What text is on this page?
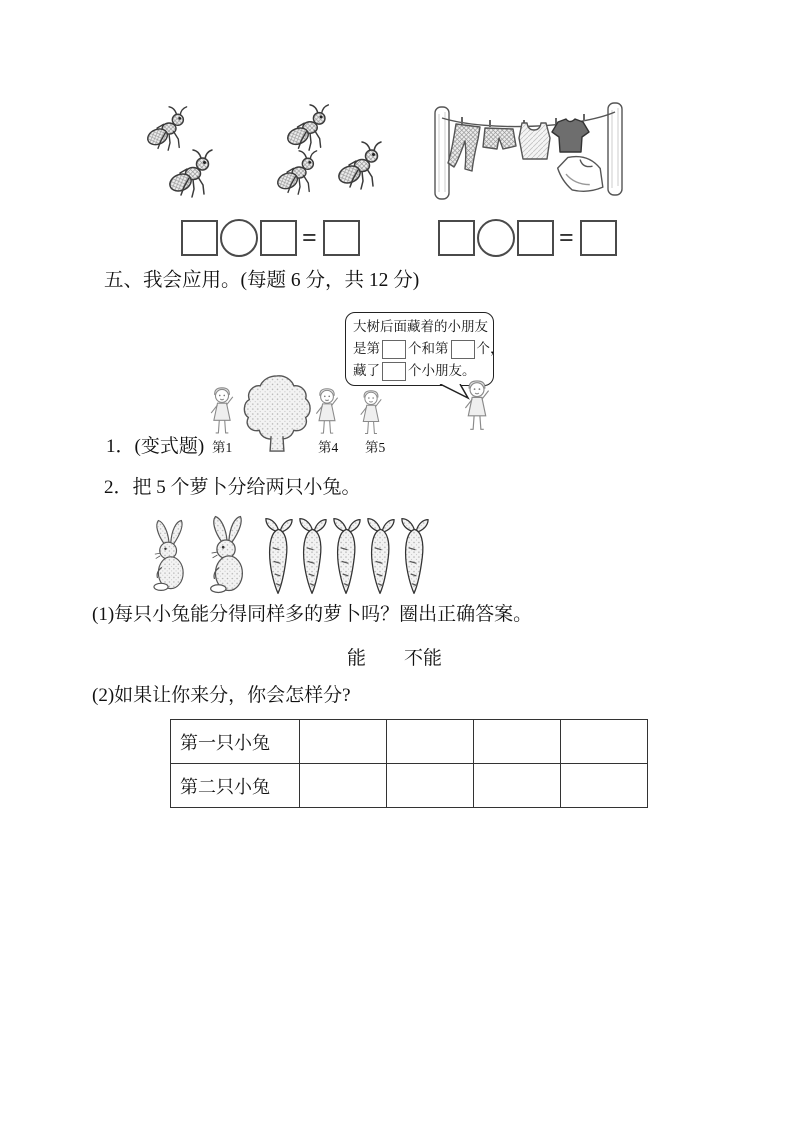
=	=
五、我会应用。(每题 6 分，共 12 分)
大树后面藏着的小朋友
是第 个和第 个，
藏了 个小朋友。
1．(变式题) 第1	第4 第5
2．把 5 个萝卜分给两只小兔。
(1)每只小兔能分得同样多的萝卜吗？圈出正确答案。
能 不能
(2)如果让你来分，你会怎样分?
第一只小兔				
第二只小兔				
